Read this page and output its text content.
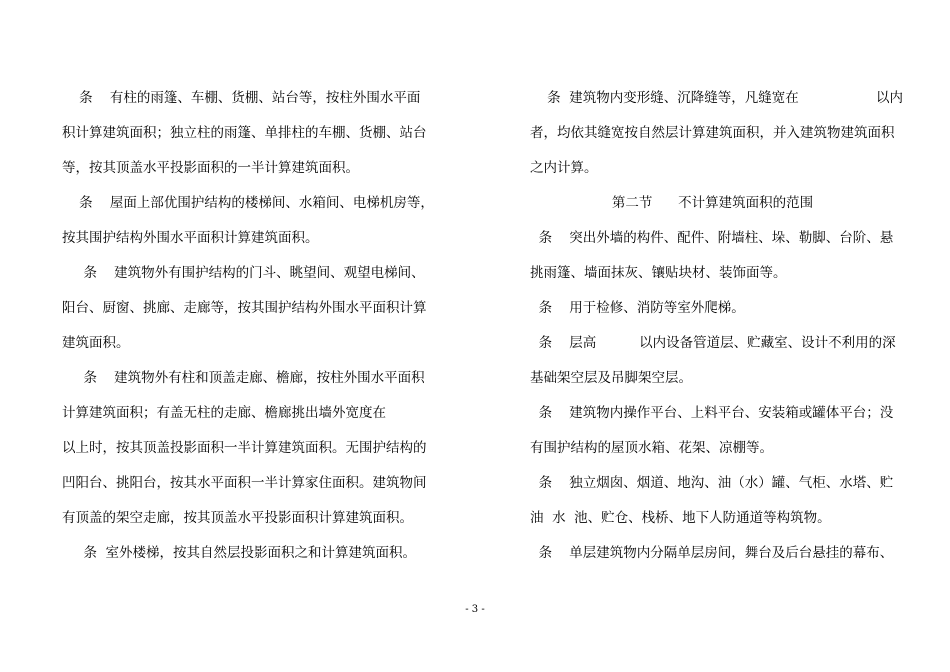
条    有柱的雨篷、车棚、货棚、站台等，按柱外围水平面
积计算建筑面积；独立柱的雨篷、单排柱的车棚、货棚、站台
等，按其顶盖水平投影面积的一半计算建筑面积。
条    屋面上部优围护结构的楼梯间、水箱间、电梯机房等，
按其围护结构外围水平面积计算建筑面积。
条    建筑物外有围护结构的门斗、眺望间、观望电梯间、
阳台、厨窗、挑廊、走廊等，按其围护结构外围水平面积计算
建筑面积。
条    建筑物外有柱和顶盖走廊、檐廊，按柱外围水平面积
计算建筑面积；有盖无柱的走廊、檐廊挑出墙外宽度在
以上时，按其顶盖投影面积一半计算建筑面积。无围护结构的
凹阳台、挑阳台，按其水平面积一半计算家住面积。建筑物间
有顶盖的架空走廊，按其顶盖水平投影面积计算建筑面积。
条  室外楼梯，按其自然层投影面积之和计算建筑面积。
条  建筑物内变形缝、沉降缝等，凡缝宽在                  以内
者，均依其缝宽按自然层计算建筑面积，并入建筑物建筑面积
之内计算。
第二节      不计算建筑面积的范围
条    突出外墙的构件、配件、附墙柱、垛、勒脚、台阶、悬
挑雨篷、墙面抹灰、镶贴块材、装饰面等。
条    用于检修、消防等室外爬梯。
条    层高          以内设备管道层、贮藏室、设计不利用的深
基础架空层及吊脚架空层。
条    建筑物内操作平台、上料平台、安装箱或罐体平台；没
有围护结构的屋顶水箱、花架、凉棚等。
条    独立烟囱、烟道、地沟、油（水）罐、气柜、水塔、贮
油  水  池、贮仓、栈桥、地下人防通道等构筑物。
条    单层建筑物内分隔单层房间，舞台及后台悬挂的幕布、
- 3 -
